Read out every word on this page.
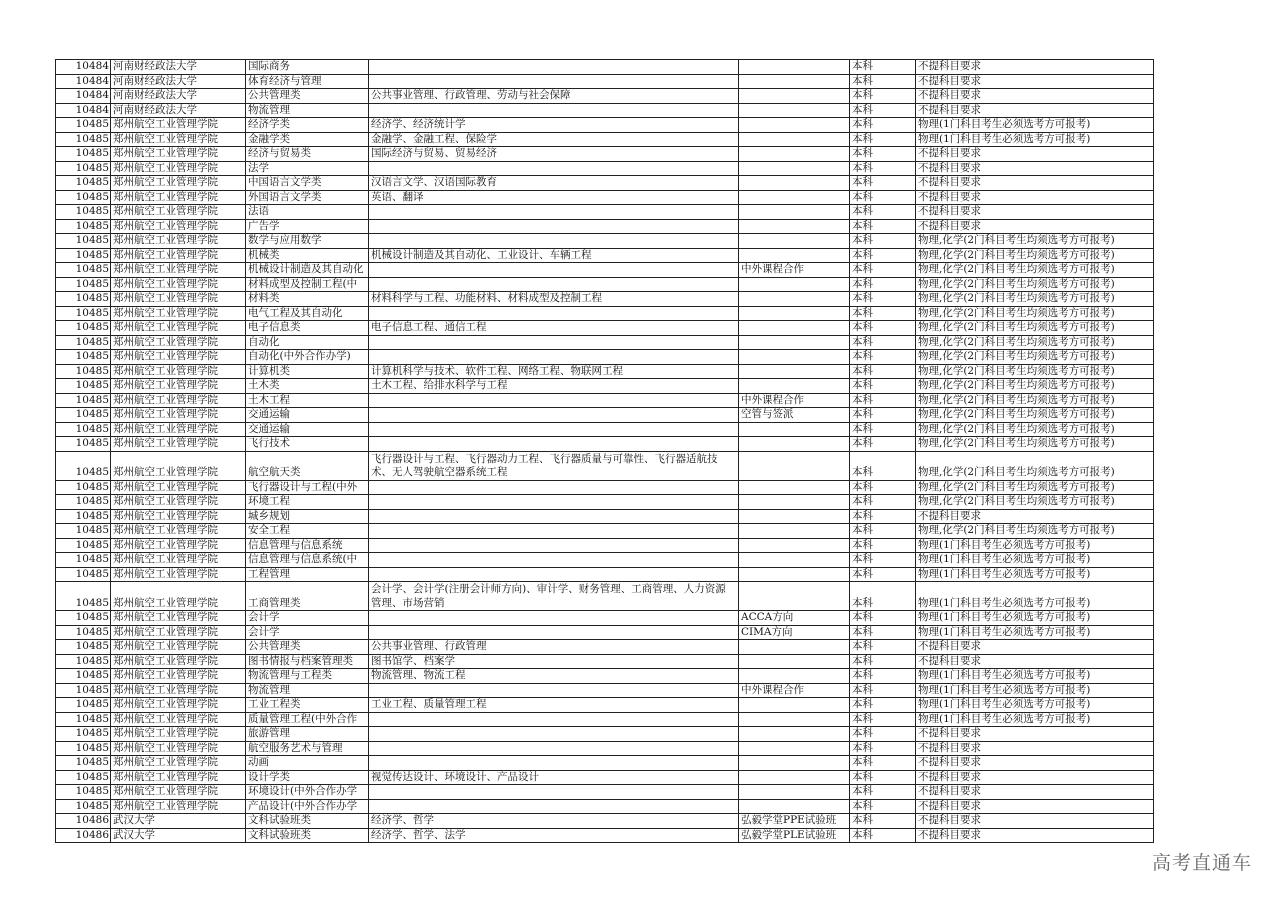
10484	河南财经政法大学	国际商务			本科	不提科目要求
10484	河南财经政法大学	体育经济与管理			本科	不提科目要求
10484	河南财经政法大学	公共管理类	公共事业管理、行政管理、劳动与社会保障		本科	不提科目要求
10484	河南财经政法大学	物流管理			本科	不提科目要求
10485	郑州航空工业管理学院	经济学类	经济学、经济统计学		本科	物理(1门科目考生必须选考方可报考)
10485	郑州航空工业管理学院	金融学类	金融学、金融工程、保险学		本科	物理(1门科目考生必须选考方可报考)
10485	郑州航空工业管理学院	经济与贸易类	国际经济与贸易、贸易经济		本科	不提科目要求
10485	郑州航空工业管理学院	法学			本科	不提科目要求
10485	郑州航空工业管理学院	中国语言文学类	汉语言文学、汉语国际教育		本科	不提科目要求
10485	郑州航空工业管理学院	外国语言文学类	英语、翻译		本科	不提科目要求
10485	郑州航空工业管理学院	法语			本科	不提科目要求
10485	郑州航空工业管理学院	广告学			本科	不提科目要求
10485	郑州航空工业管理学院	数学与应用数学			本科	物理,化学(2门科目考生均须选考方可报考)
10485	郑州航空工业管理学院	机械类	机械设计制造及其自动化、工业设计、车辆工程		本科	物理,化学(2门科目考生均须选考方可报考)
10485	郑州航空工业管理学院	机械设计制造及其自动化		中外课程合作	本科	物理,化学(2门科目考生均须选考方可报考)
10485	郑州航空工业管理学院	材料成型及控制工程(中			本科	物理,化学(2门科目考生均须选考方可报考)
10485	郑州航空工业管理学院	材料类	材料科学与工程、功能材料、材料成型及控制工程		本科	物理,化学(2门科目考生均须选考方可报考)
10485	郑州航空工业管理学院	电气工程及其自动化			本科	物理,化学(2门科目考生均须选考方可报考)
10485	郑州航空工业管理学院	电子信息类	电子信息工程、通信工程		本科	物理,化学(2门科目考生均须选考方可报考)
10485	郑州航空工业管理学院	自动化			本科	物理,化学(2门科目考生均须选考方可报考)
10485	郑州航空工业管理学院	自动化(中外合作办学)			本科	物理,化学(2门科目考生均须选考方可报考)
10485	郑州航空工业管理学院	计算机类	计算机科学与技术、软件工程、网络工程、物联网工程		本科	物理,化学(2门科目考生均须选考方可报考)
10485	郑州航空工业管理学院	土木类	土木工程、给排水科学与工程		本科	物理,化学(2门科目考生均须选考方可报考)
10485	郑州航空工业管理学院	土木工程		中外课程合作	本科	物理,化学(2门科目考生均须选考方可报考)
10485	郑州航空工业管理学院	交通运输		空管与签派	本科	物理,化学(2门科目考生均须选考方可报考)
10485	郑州航空工业管理学院	交通运输			本科	物理,化学(2门科目考生均须选考方可报考)
10485	郑州航空工业管理学院	飞行技术			本科	物理,化学(2门科目考生均须选考方可报考)
10485	郑州航空工业管理学院	航空航天类	飞行器设计与工程、飞行器动力工程、飞行器质量与可靠性、飞行器适航技术、无人驾驶航空器系统工程		本科	物理,化学(2门科目考生均须选考方可报考)
10485	郑州航空工业管理学院	飞行器设计与工程(中外			本科	物理,化学(2门科目考生均须选考方可报考)
10485	郑州航空工业管理学院	环境工程			本科	物理,化学(2门科目考生均须选考方可报考)
10485	郑州航空工业管理学院	城乡规划			本科	不提科目要求
10485	郑州航空工业管理学院	安全工程			本科	物理,化学(2门科目考生均须选考方可报考)
10485	郑州航空工业管理学院	信息管理与信息系统			本科	物理(1门科目考生必须选考方可报考)
10485	郑州航空工业管理学院	信息管理与信息系统(中			本科	物理(1门科目考生必须选考方可报考)
10485	郑州航空工业管理学院	工程管理			本科	物理(1门科目考生必须选考方可报考)
10485	郑州航空工业管理学院	工商管理类	会计学、会计学(注册会计师方向)、审计学、财务管理、工商管理、人力资源管理、市场营销		本科	物理(1门科目考生必须选考方可报考)
10485	郑州航空工业管理学院	会计学		ACCA方向	本科	物理(1门科目考生必须选考方可报考)
10485	郑州航空工业管理学院	会计学		CIMA方向	本科	物理(1门科目考生必须选考方可报考)
10485	郑州航空工业管理学院	公共管理类	公共事业管理、行政管理		本科	不提科目要求
10485	郑州航空工业管理学院	图书情报与档案管理类	图书馆学、档案学		本科	不提科目要求
10485	郑州航空工业管理学院	物流管理与工程类	物流管理、物流工程		本科	物理(1门科目考生必须选考方可报考)
10485	郑州航空工业管理学院	物流管理		中外课程合作	本科	物理(1门科目考生必须选考方可报考)
10485	郑州航空工业管理学院	工业工程类	工业工程、质量管理工程		本科	物理(1门科目考生必须选考方可报考)
10485	郑州航空工业管理学院	质量管理工程(中外合作			本科	物理(1门科目考生必须选考方可报考)
10485	郑州航空工业管理学院	旅游管理			本科	不提科目要求
10485	郑州航空工业管理学院	航空服务艺术与管理			本科	不提科目要求
10485	郑州航空工业管理学院	动画			本科	不提科目要求
10485	郑州航空工业管理学院	设计学类	视觉传达设计、环境设计、产品设计		本科	不提科目要求
10485	郑州航空工业管理学院	环境设计(中外合作办学			本科	不提科目要求
10485	郑州航空工业管理学院	产品设计(中外合作办学			本科	不提科目要求
10486	武汉大学	文科试验班类	经济学、哲学	弘毅学堂PPE试验班	本科	不提科目要求
10486	武汉大学	文科试验班类	经济学、哲学、法学	弘毅学堂PLE试验班	本科	不提科目要求
高考直通车
